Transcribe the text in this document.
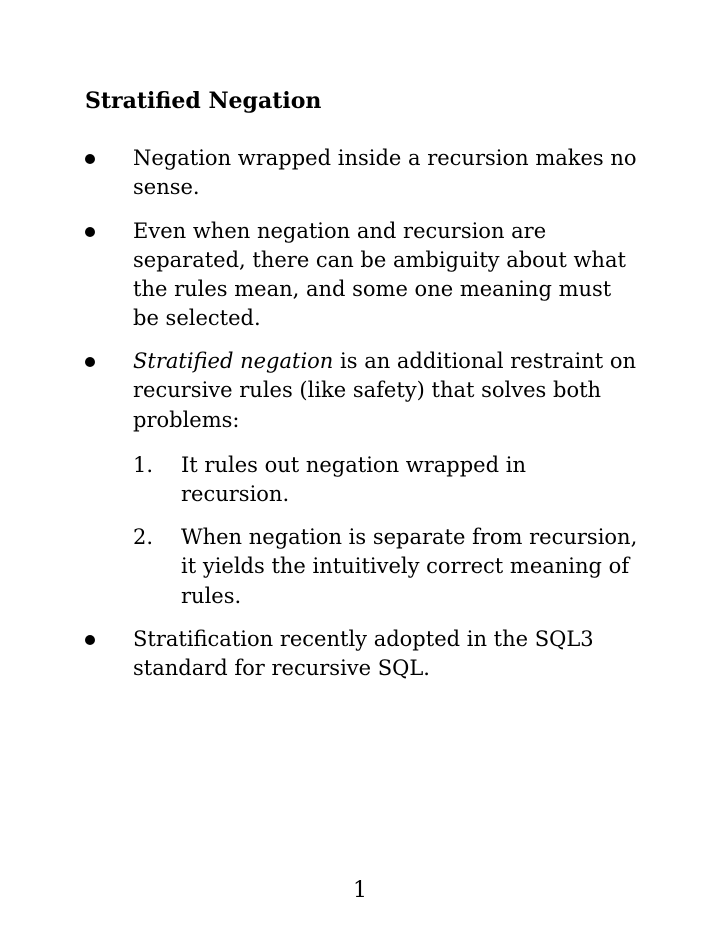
Stratified Negation
Negation wrapped inside a recursion makes no
sense.
Even when negation and recursion are
separated, there can be ambiguity about what
the rules mean, and some one meaning must
be selected.
Stratified negation is an additional restraint on
recursive rules (like safety) that solves both
problems:
1. It rules out negation wrapped in
recursion.
2. When negation is separate from recursion,
it yields the intuitively correct meaning of
rules.
Stratification recently adopted in the SQL3
standard for recursive SQL.
1
